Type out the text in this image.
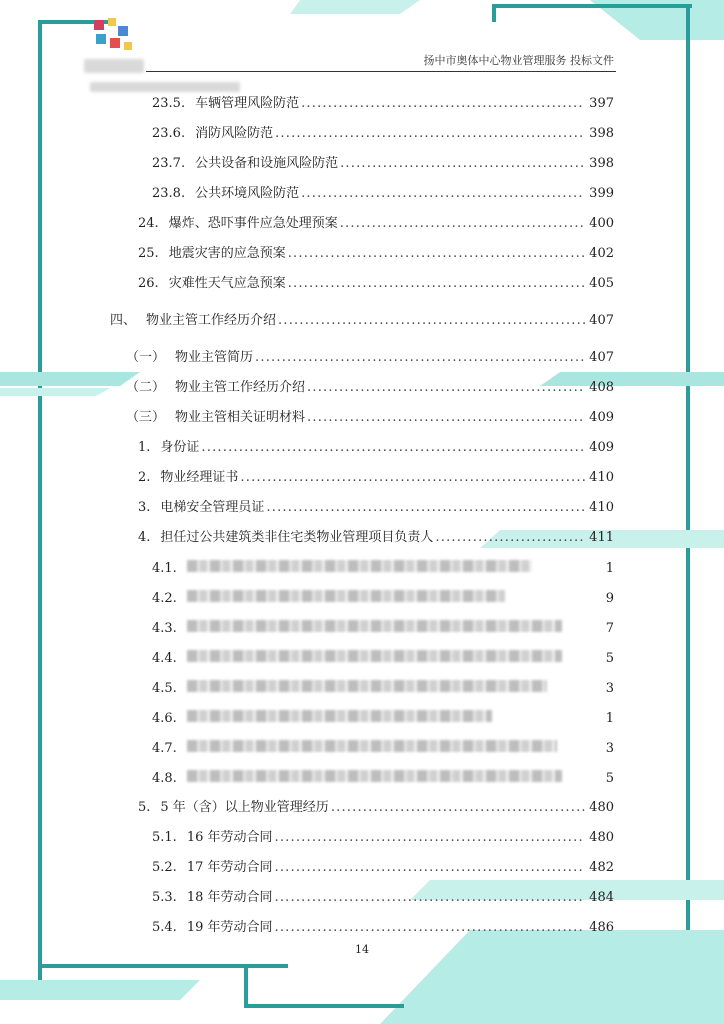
扬中市奥体中心物业管理服务 投标文件
23.5. 车辆管理风险防范 .....	397
23.6. 消防风险防范 .....	398
23.7. 公共设备和设施风险防范 .....	398
23.8. 公共环境风险防范 .....	399
24. 爆炸、恐吓事件应急处理预案 .....	400
25. 地震灾害的应急预案 .....	402
26. 灾难性天气应急预案 .....	405
四、 物业主管工作经历介绍 .....	407
（一） 物业主管简历 .....	407
（二） 物业主管工作经历介绍 .....	408
（三） 物业主管相关证明材料 .....	409
1. 身份证 .....	409
2. 物业经理证书 .....	410
3. 电梯安全管理员证 .....	410
4. 担任过公共建筑类非住宅类物业管理项目负责人 .....	411
4.1.	1
4.2.	9
4.3.	7
4.4.	5
4.5.	3
4.6.	1
4.7.	3
4.8.	5
5. 5 年（含）以上物业管理经历 .....	480
5.1. 16 年劳动合同 .....	480
5.2. 17 年劳动合同 .....	482
5.3. 18 年劳动合同 .....	484
5.4. 19 年劳动合同 .....	486
14
